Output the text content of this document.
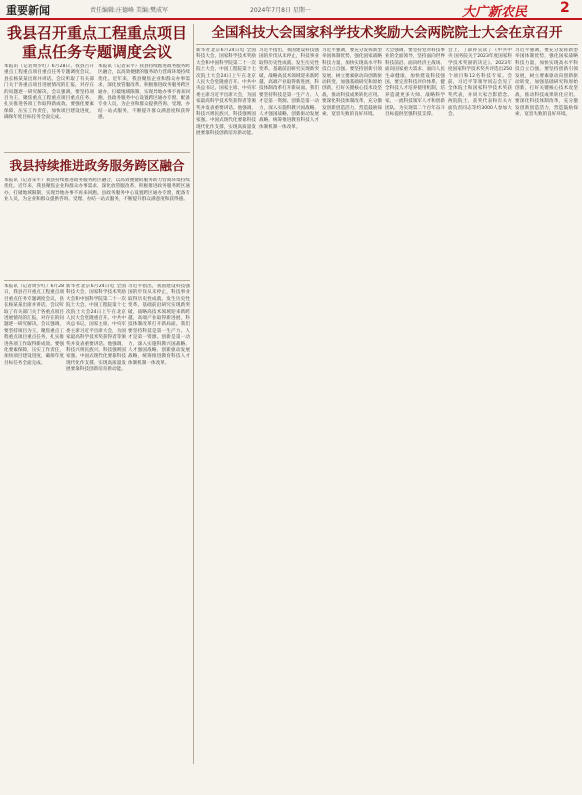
重要新闻	责任编辑:庄德峰 美编:樊成军	2024年7月8日 星期一	大广新农民 2
我县召开重点工程重点项目
重点任务专题调度会议
全国科技大会国家科学技术奖励大会两院院士大会在京召开
我县持续推进政务服务跨区融合
本报讯（记者周少红）6月28日，我县召开重点工程重点项目重点任务专题调度会议，县长杨某某出席并讲话。会议听取了有关部门关于各重点项目进展情况的汇报，对存在的问题逐一研究解决。会议强调，要坚持项目为王，聚焦重点工程重点项目重点任务，扎实推进各项工作取得新成效。要强化要素保障，压实工作责任，加快项目建设进度，确保年度目标任务全面完成。
本报讯（记者宋平）我县持续推进政务服务跨区融合，以高效便捷的服务助力营商环境持续优化。近年来，我县聚焦企业和群众办事需求，深化放管服改革，积极推进政务服务跨区通办，打破地域限制，实现异地办事不再来回跑。县政务服务中心设置跨区通办专窗，配备专业人员，为企业和群众提供咨询、受理、办结一站式服务，不断提升群众满意度和获得感。
本报讯（记者宋平）我县持续推进政务服务跨区融合，以高效便捷的服务助力营商环境持续优化。近年来，我县聚焦企业和群众办事需求，深化放管服改革，积极推进政务服务跨区通办，打破地域限制，实现异地办事不再来回跑。县政务服务中心设置跨区通办专窗，配备专业人员，为企业和群众提供咨询、受理、办结一站式服务，不断提升群众满意度和获得感。
本报讯（记者周少红）6月28日，我县召开重点工程重点项目重点任务专题调度会议，县长杨某某出席并讲话。会议听取了有关部门关于各重点项目进展情况的汇报，对存在的问题逐一研究解决。会议强调，要坚持项目为王，聚焦重点工程重点项目重点任务，扎实推进各项工作取得新成效。要强化要素保障，压实工作责任，加快项目建设进度，确保年度目标任务全面完成。
新华社北京6月24日电 全国科技大会、国家科学技术奖励大会和中国科学院第二十一次院士大会、中国工程院第十七次院士大会24日上午在北京人民大会堂隆重召开。中共中央总书记、国家主席、中央军委主席习近平出席大会，为国家最高科学技术奖获得者等颁奖并发表重要讲话。他强调，科技兴则民族兴，科技强则国家强。中国式现代化要靠科技现代化作支撑，实现高质量发展要靠科技创新培育新动能。
习近平指出，我国建设科技强国的步伐从未停止，科技事业取得历史性成就、发生历史性变革。基础前沿研究实现新突破，战略高技术领域迎来新跨越，高端产业取得新进展，科技体制改革打开新局面。我们要坚持科技是第一生产力、人才是第一资源、创新是第一动力，深入实施科教兴国战略、人才强国战略、创新驱动发展战略，统筹推进教育科技人才体制机制一体改革。
新华社北京6月24日电 全国科技大会、国家科学技术奖励大会和中国科学院第二十一次院士大会、中国工程院第十七次院士大会24日上午在北京人民大会堂隆重召开。中共中央总书记、国家主席、中央军委主席习近平出席大会，为国家最高科学技术奖获得者等颁奖并发表重要讲话。他强调，科技兴则民族兴，科技强则国家强。中国式现代化要靠科技现代化作支撑，实现高质量发展要靠科技创新培育新动能。
习近平指出，我国建设科技强国的步伐从未停止，科技事业取得历史性成就、发生历史性变革。基础前沿研究实现新突破，战略高技术领域迎来新跨越，高端产业取得新进展，科技体制改革打开新局面。我们要坚持科技是第一生产力、人才是第一资源、创新是第一动力，深入实施科教兴国战略、人才强国战略、创新驱动发展战略，统筹推进教育科技人才体制机制一体改革。
习近平强调，要充分发挥新型举国体制优势，强化国家战略科技力量，加快实现高水平科技自立自强。要坚持创新引领发展，树立要素驱动向创新驱动转变，加强基础研究和原始创新，打好关键核心技术攻坚战，推动科技成果转化应用。要深化科技体制改革，充分激发创新创造活力，营造鼓励探索、宽容失败的良好环境。
大会强调，要坚持党对科技事业的全面领导，坚持面向世界科技前沿、面向经济主战场、面向国家重大需求、面向人民生命健康，加快建设科技强国。要完善科技评价体系，健全科技人才培养使用机制，培养造就更多大师、战略科学家、一流科技领军人才和创新团队，为实现第二个百年奋斗目标提供坚强科技支撑。
会上，丁薛祥宣读了《中共中央 国务院关于2023年度国家科学技术奖励的决定》。2023年度国家科学技术奖共评选出250个项目和12名科技专家。会前，习近平等领导同志会见了全体院士和国家科学技术奖获奖代表，并同大家合影留念。两院院士、获奖代表和有关方面负责同志等约3000人参加大会。
习近平强调，要充分发挥新型举国体制优势，强化国家战略科技力量，加快实现高水平科技自立自强。要坚持创新引领发展，树立要素驱动向创新驱动转变，加强基础研究和原始创新，打好关键核心技术攻坚战，推动科技成果转化应用。要深化科技体制改革，充分激发创新创造活力，营造鼓励探索、宽容失败的良好环境。
